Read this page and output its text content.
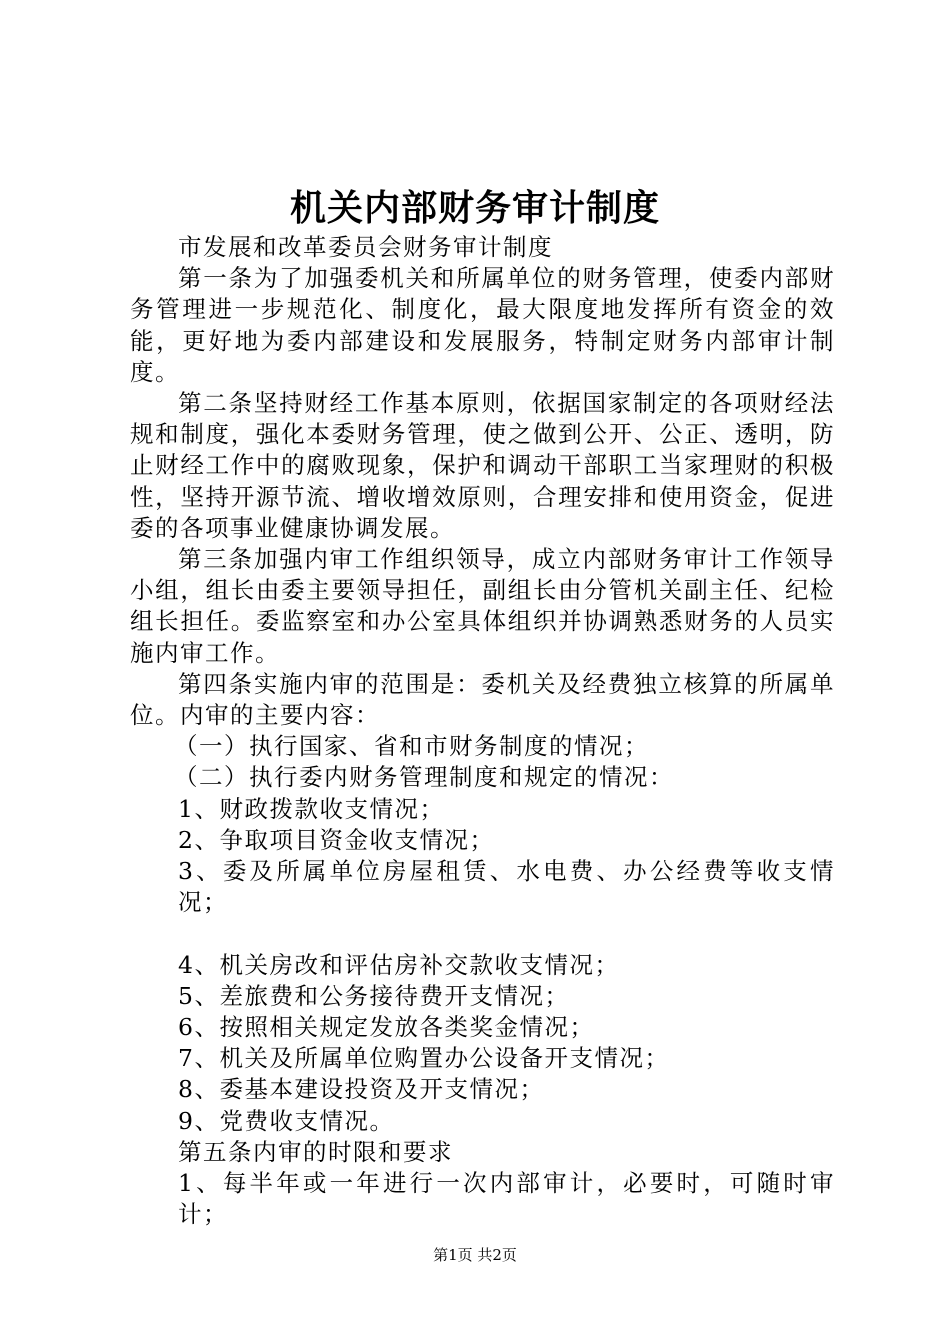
机关内部财务审计制度

市发展和改革委员会财务审计制度

第一条为了加强委机关和所属单位的财务管理，使委内部财务管理进一步规范化、制度化，最大限度地发挥所有资金的效能，更好地为委内部建设和发展服务，特制定财务内部审计制度。

第二条坚持财经工作基本原则，依据国家制定的各项财经法规和制度，强化本委财务管理，使之做到公开、公正、透明，防止财经工作中的腐败现象，保护和调动干部职工当家理财的积极性，坚持开源节流、增收增效原则，合理安排和使用资金，促进委的各项事业健康协调发展。

第三条加强内审工作组织领导，成立内部财务审计工作领导小组，组长由委主要领导担任，副组长由分管机关副主任、纪检组长担任。委监察室和办公室具体组织并协调熟悉财务的人员实施内审工作。

第四条实施内审的范围是：委机关及经费独立核算的所属单位。内审的主要内容：

（一）执行国家、省和市财务制度的情况；

（二）执行委内财务管理制度和规定的情况：

1、财政拨款收支情况；

2、争取项目资金收支情况；

3、委及所属单位房屋租赁、水电费、办公经费等收支情况；

4、机关房改和评估房补交款收支情况；

5、差旅费和公务接待费开支情况；

6、按照相关规定发放各类奖金情况；

7、机关及所属单位购置办公设备开支情况；

8、委基本建设投资及开支情况；

9、党费收支情况。

第五条内审的时限和要求

1、每半年或一年进行一次内部审计，必要时，可随时审计；

第1页 共2页
